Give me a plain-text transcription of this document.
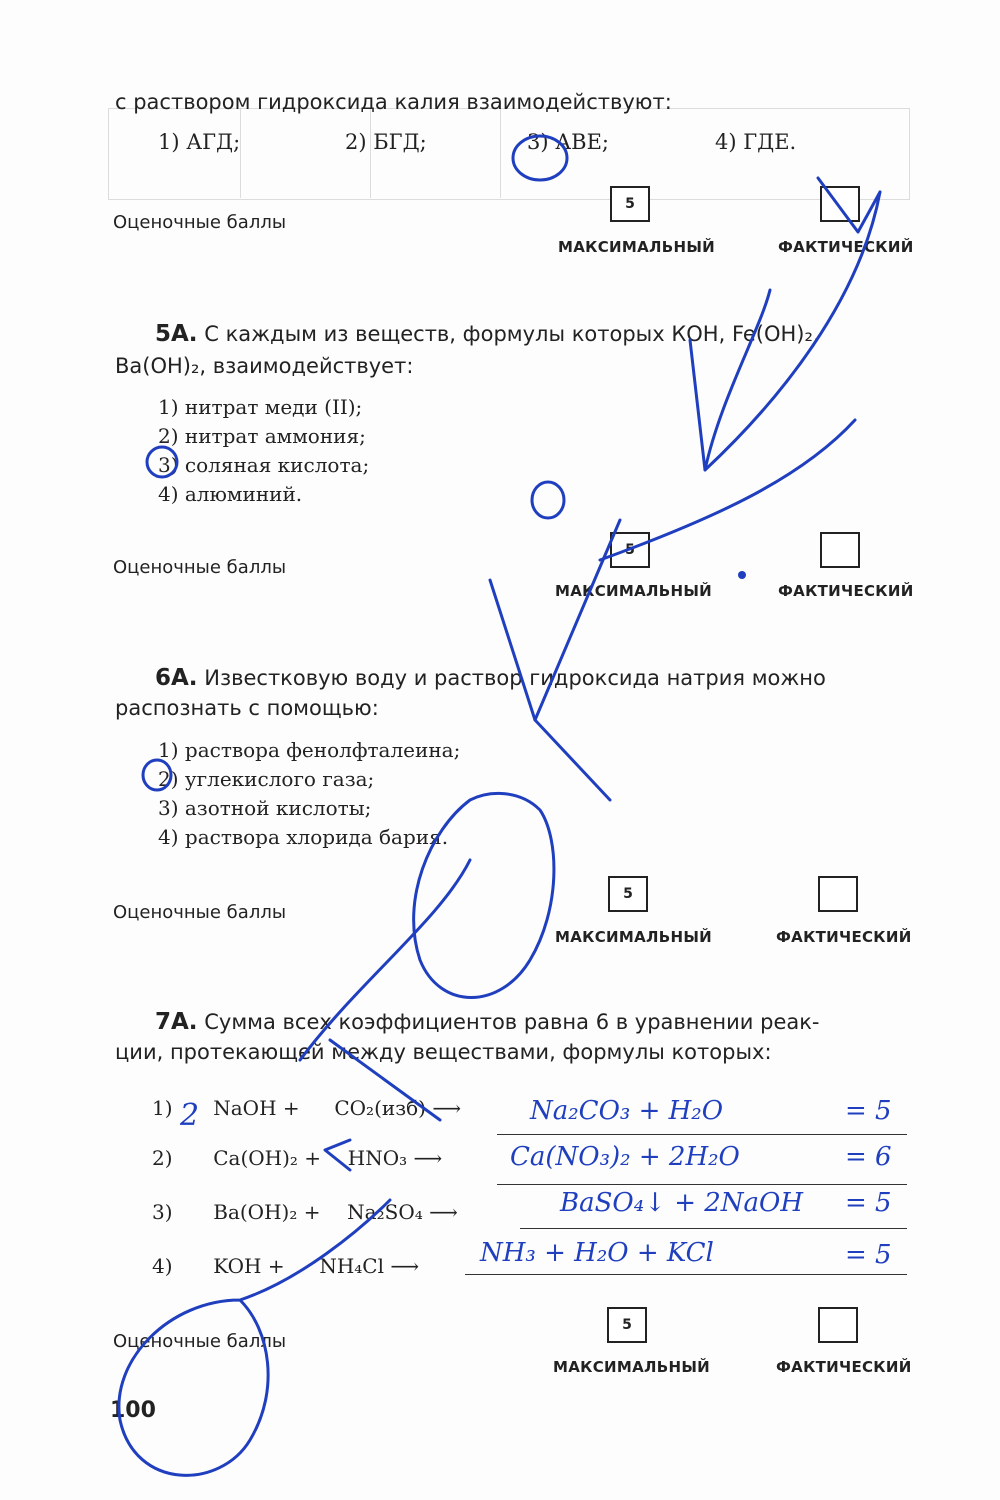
с раствором гидроксида калия взаимодействуют:
1) АГД;	2) БГД;	3) АВЕ;	4) ГДЕ.
Оценочные баллы
5
МАКСИМАЛЬНЫЙ	ФАКТИЧЕСКИЙ
5А. С каждым из веществ, формулы которых КОН, Fe(OH)₂,
Ba(OH)₂, взаимодействует:
1) нитрат меди (II);
2) нитрат аммония;
3) соляная кислота;
4) алюминий.
Оценочные баллы
5
МАКСИМАЛЬНЫЙ	ФАКТИЧЕСКИЙ
6А. Известковую воду и раствор гидроксида натрия можно
распознать с помощью:
1) раствора фенолфталеина;
2) углекислого газа;
3) азотной кислоты;
4) раствора хлорида бария.
Оценочные баллы
5
МАКСИМАЛЬНЫЙ	ФАКТИЧЕСКИЙ
7А. Сумма всех коэффициентов равна 6 в уравнении реак-
ции, протекающей между веществами, формулы которых:
1) NaOH + CO₂(изб) ⟶	Na₂CO₃ + H₂O	= 5
2) Ca(OH)₂ + HNO₃ ⟶	Ca(NO₃)₂ + 2H₂O	= 6
3) Ba(OH)₂ + Na₂SO₄ ⟶	BaSO₄↓ + 2NaOH = 5
4) KOH + NH₄Cl ⟶ NH₃ + H₂O + KCl	= 5
2
Оценочные баллы
5
МАКСИМАЛЬНЫЙ	ФАКТИЧЕСКИЙ
100
